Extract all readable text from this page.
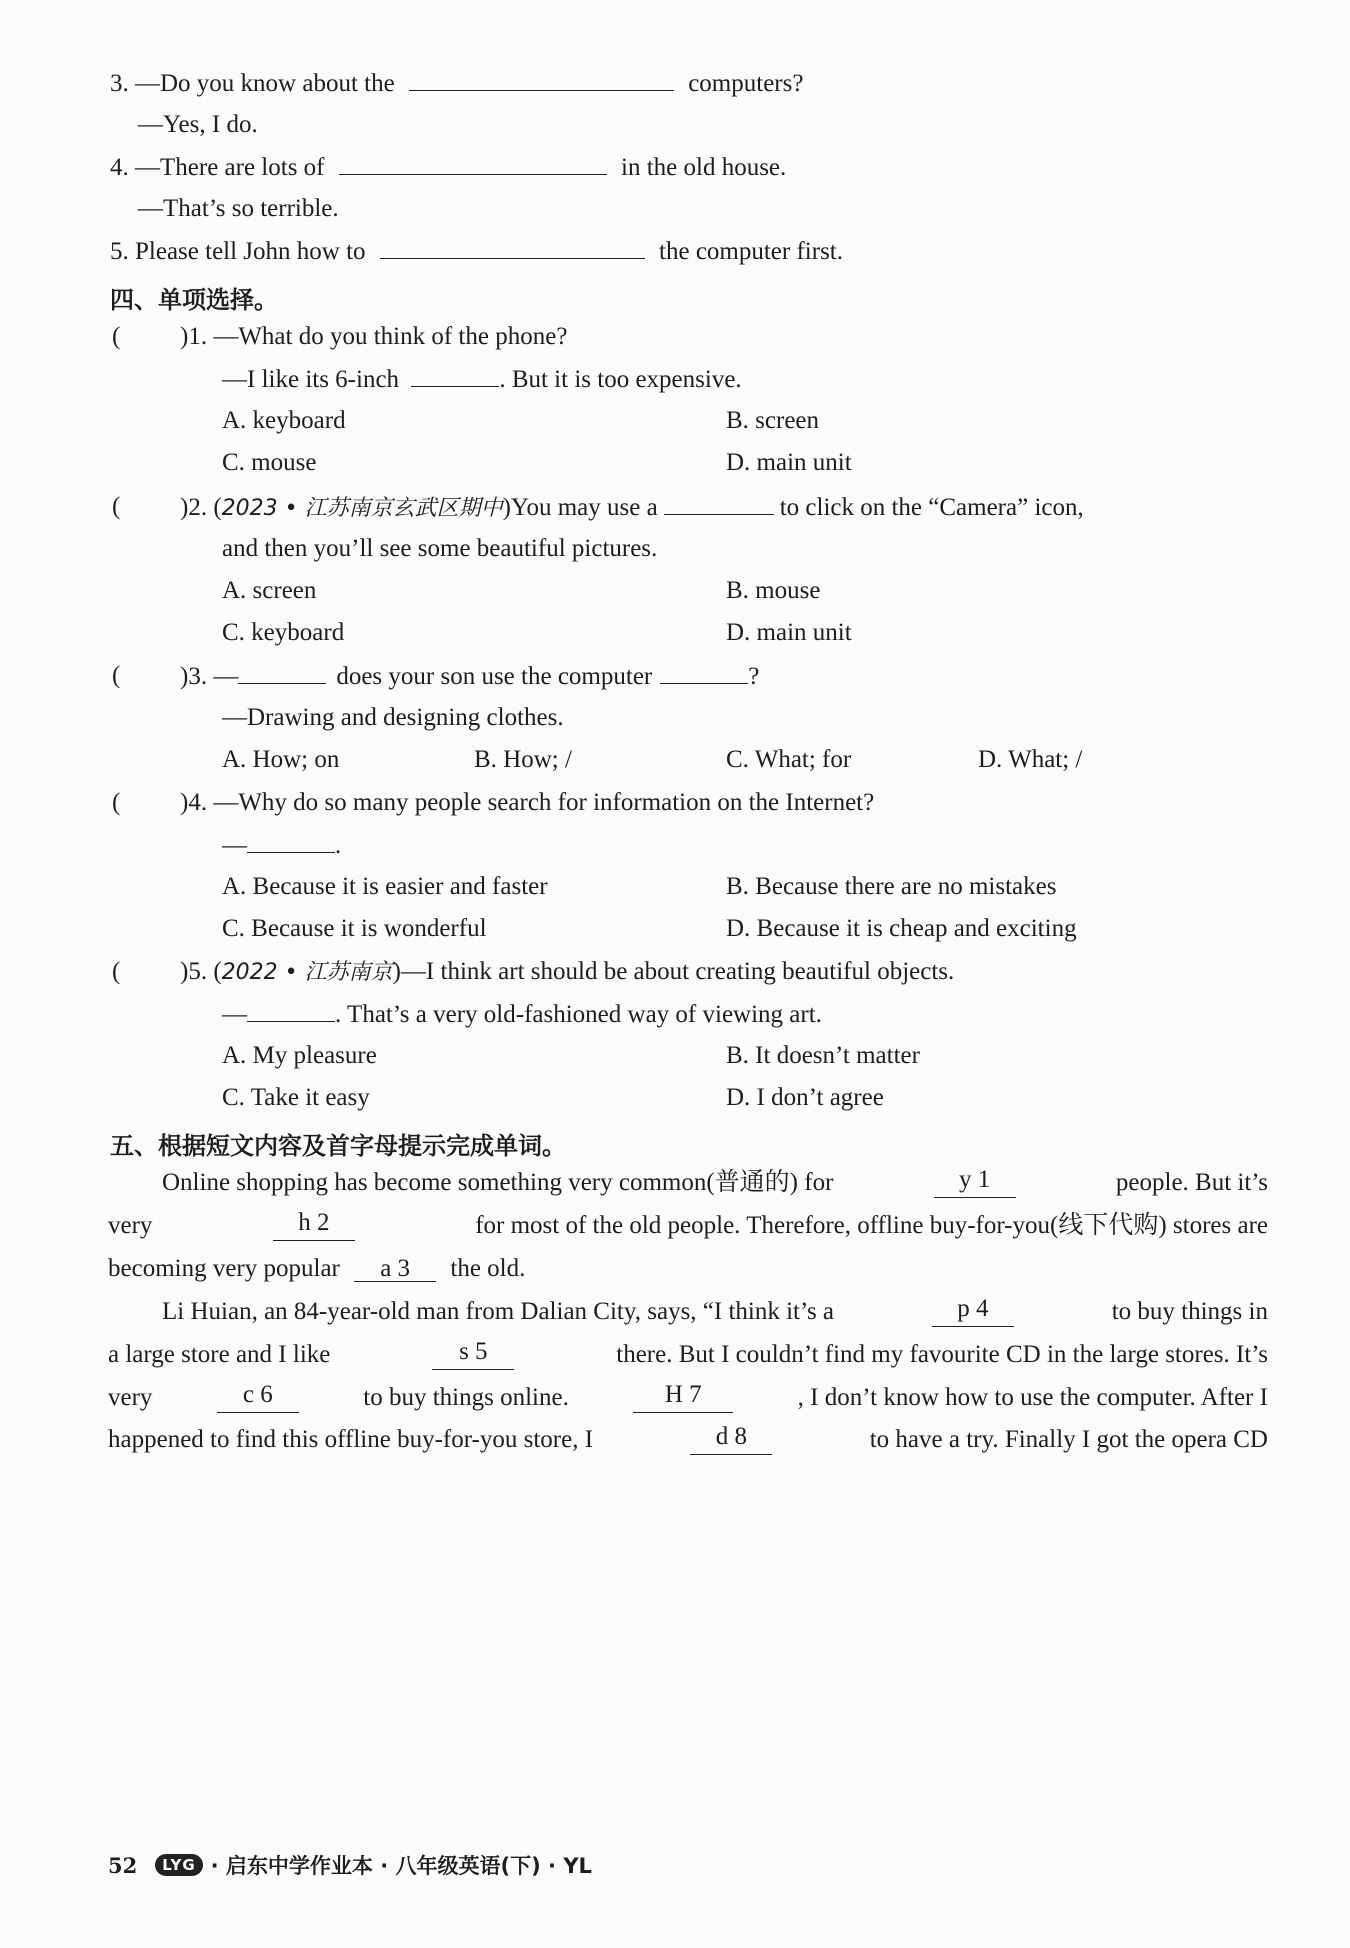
3. —Do you know about the	computers?
—Yes, I do.
4. —There are lots of	in the old house.
—That’s so terrible.
5. Please tell John how to	the computer first.
四、单项选择。
( )1. —What do you think of the phone?
—I like its 6-inch	. But it is too expensive.
A. keyboard	B. screen
C. mouse	D. main unit
( )2. (2023 • 江苏南京玄武区期中)You may use a	to click on the “Camera” icon,
and then you’ll see some beautiful pictures.
A. screen	B. mouse
C. keyboard	D. main unit
( )3. —	does your son use the computer	?
—Drawing and designing clothes.
A. How; on	B. How; /	C. What; for	D. What; /
( )4. —Why do so many people search for information on the Internet?
—	.
A. Because it is easier and faster	B. Because there are no mistakes
C. Because it is wonderful	D. Because it is cheap and exciting
( )5. (2022 • 江苏南京)—I think art should be about creating beautiful objects.
—	. That’s a very old-fashioned way of viewing art.
A. My pleasure	B. It doesn’t matter
C. Take it easy	D. I don’t agree
五、根据短文内容及首字母提示完成单词。
Online shopping has become something very common(普通的) for	y 1	people. But it’s
very	h 2	for most of the old people. Therefore, offline buy-for-you(线下代购) stores are
becoming very popular a 3 the old.
Li Huian, an 84-year-old man from Dalian City, says, “I think it’s a	p 4	to buy things in
a large store and I like	s 5	there. But I couldn’t find my favourite CD in the large stores. It’s
very	c 6	to buy things online.	H 7	, I don’t know how to use the computer. After I
happened to find this offline buy-for-you store, I	d 8	to have a try. Finally I got the opera CD
52	LYG · 启东中学作业本 · 八年级英语(下) · YL
